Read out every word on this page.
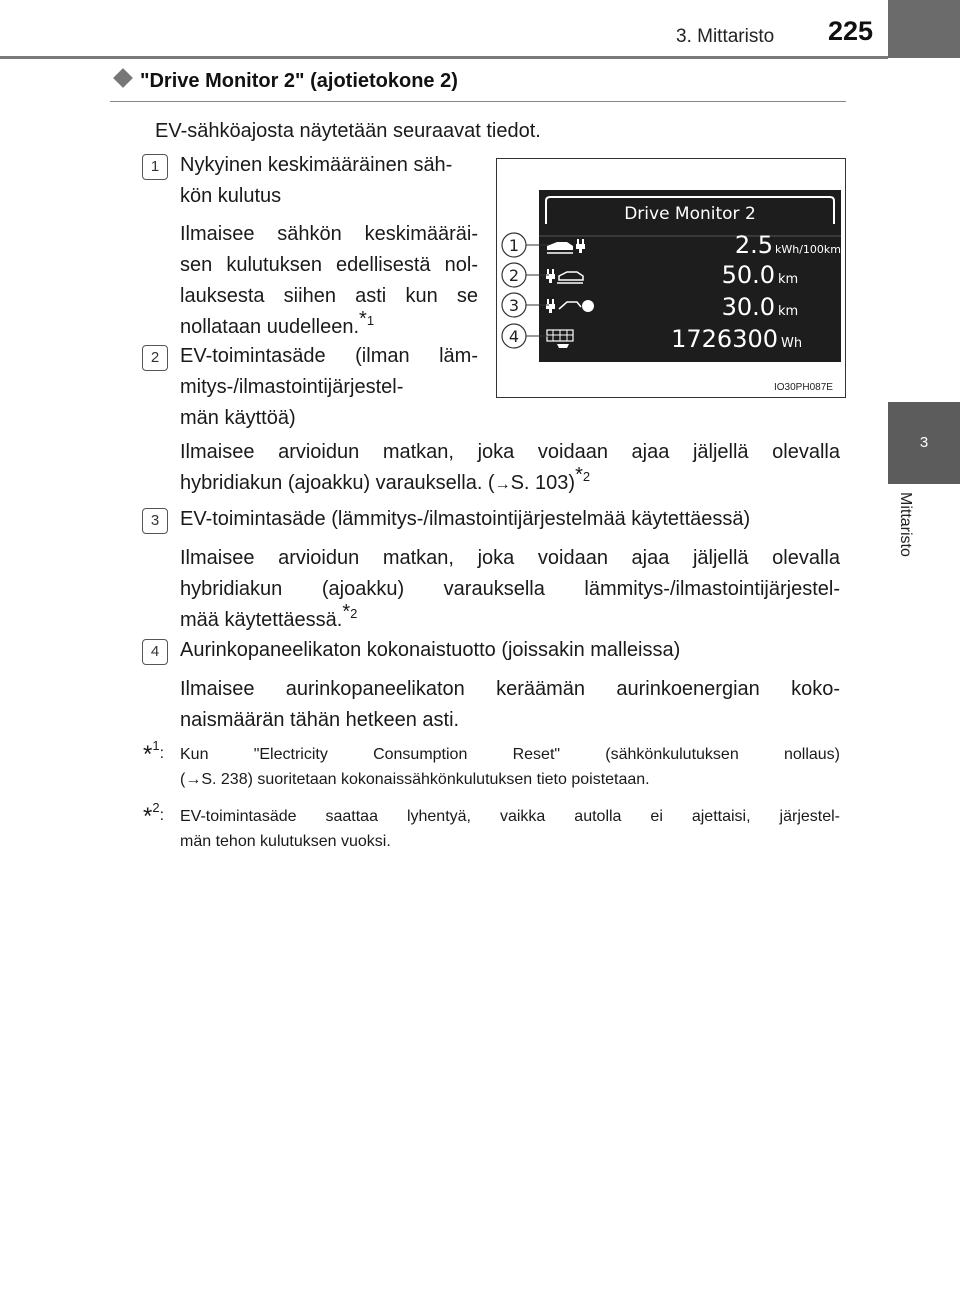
3. Mittaristo 225
3
Mittaristo
"Drive Monitor 2" (ajotietokone 2)
EV-sähköajosta näytetään seuraavat tiedot.
1	Nykyinen keskimääräinen säh-
kön kulutus
Ilmaisee sähkön keskimääräi-
sen kulutuksen edellisestä nol-
lauksesta siihen asti kun se
nollataan uudelleen.$^{*1}$
2	EV-toimintasäde (ilman läm-
mitys-/ilmastointijärjestel-
män käyttöä)
Ilmaisee arvioidun matkan, joka voidaan ajaa jäljellä olevalla
hybridiakun (ajoakku) varauksella. (→S. 103)$^{*2}$
3	EV-toimintasäde (lämmitys-/ilmastointijärjestelmää käytettäessä)
Ilmaisee arvioidun matkan, joka voidaan ajaa jäljellä olevalla
hybridiakun (ajoakku) varauksella lämmitys-/ilmastointijärjestel-
mää käytettäessä.$^{*2}$
4	Aurinkopaneelikaton kokonaistuotto (joissakin malleissa)
Ilmaisee aurinkopaneelikaton keräämän aurinkoenergian koko-
naismäärän tähän hetkeen asti.
Drive Monitor 2
2.5 kWh/100km
50.0 km
30.0 km
1726300 Wh
1
2
3
4
IO30PH087E
*$^1$: Kun "Electricity Consumption Reset" (sähkönkulutuksen nollaus)
(→S. 238) suoritetaan kokonaissähkönkulutuksen tieto poistetaan.
*$^2$: EV-toimintasäde saattaa lyhentyä, vaikka autolla ei ajettaisi, järjestel-
män tehon kulutuksen vuoksi.
